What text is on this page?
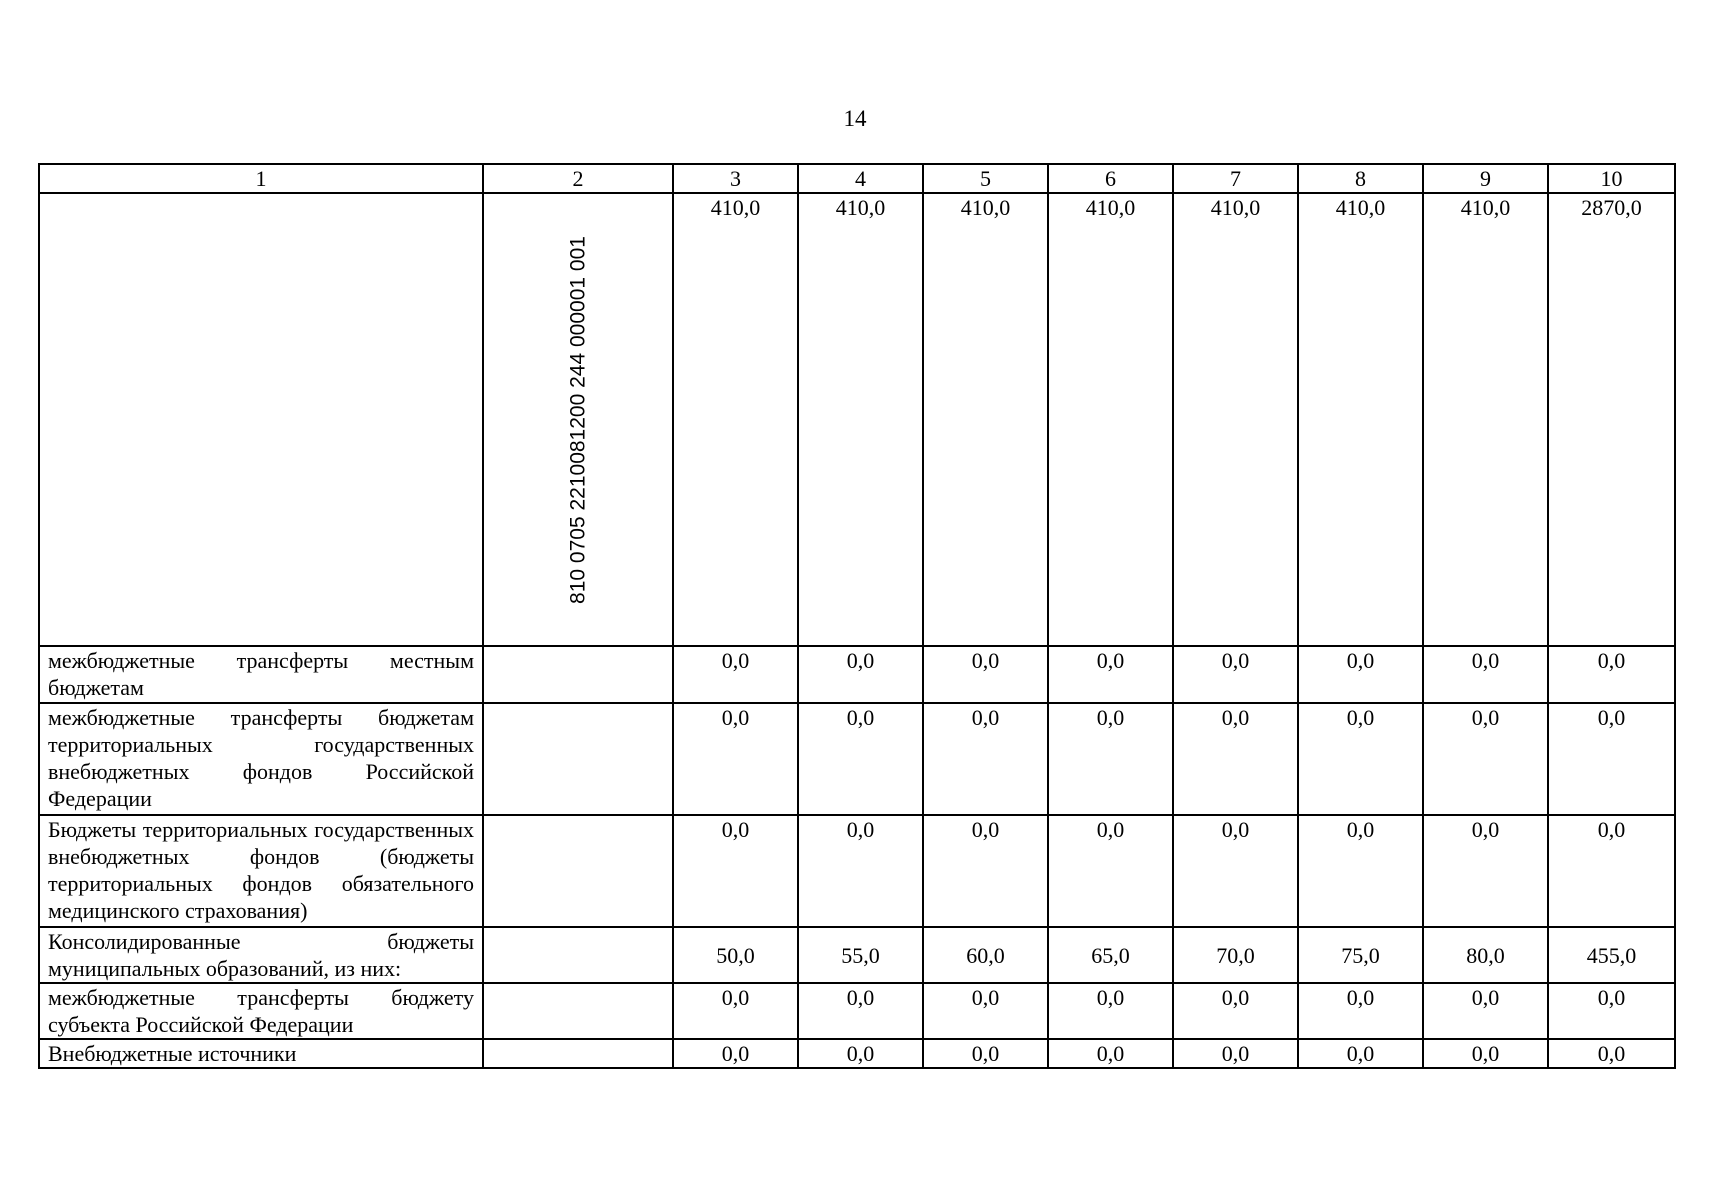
14
1	2	3	4	5	6	7	8	9	10

	810 0705 2210081200 244 000001 001	410,0	410,0	410,0	410,0	410,0	410,0	410,0	2870,0
межбюджетные трансферты местным бюджетам		0,0	0,0	0,0	0,0	0,0	0,0	0,0	0,0
межбюджетные трансферты бюджетам территориальных государственных внебюджетных фондов Российской Федерации		0,0	0,0	0,0	0,0	0,0	0,0	0,0	0,0
Бюджеты территориальных государственных внебюджетных фондов (бюджеты территориальных фондов обязательного медицинского страхования)		0,0	0,0	0,0	0,0	0,0	0,0	0,0	0,0
Консолидированные бюджеты муниципальных образований, из них:		50,0	55,0	60,0	65,0	70,0	75,0	80,0	455,0
межбюджетные трансферты бюджету субъекта Российской Федерации		0,0	0,0	0,0	0,0	0,0	0,0	0,0	0,0
Внебюджетные источники		0,0	0,0	0,0	0,0	0,0	0,0	0,0	0,0
